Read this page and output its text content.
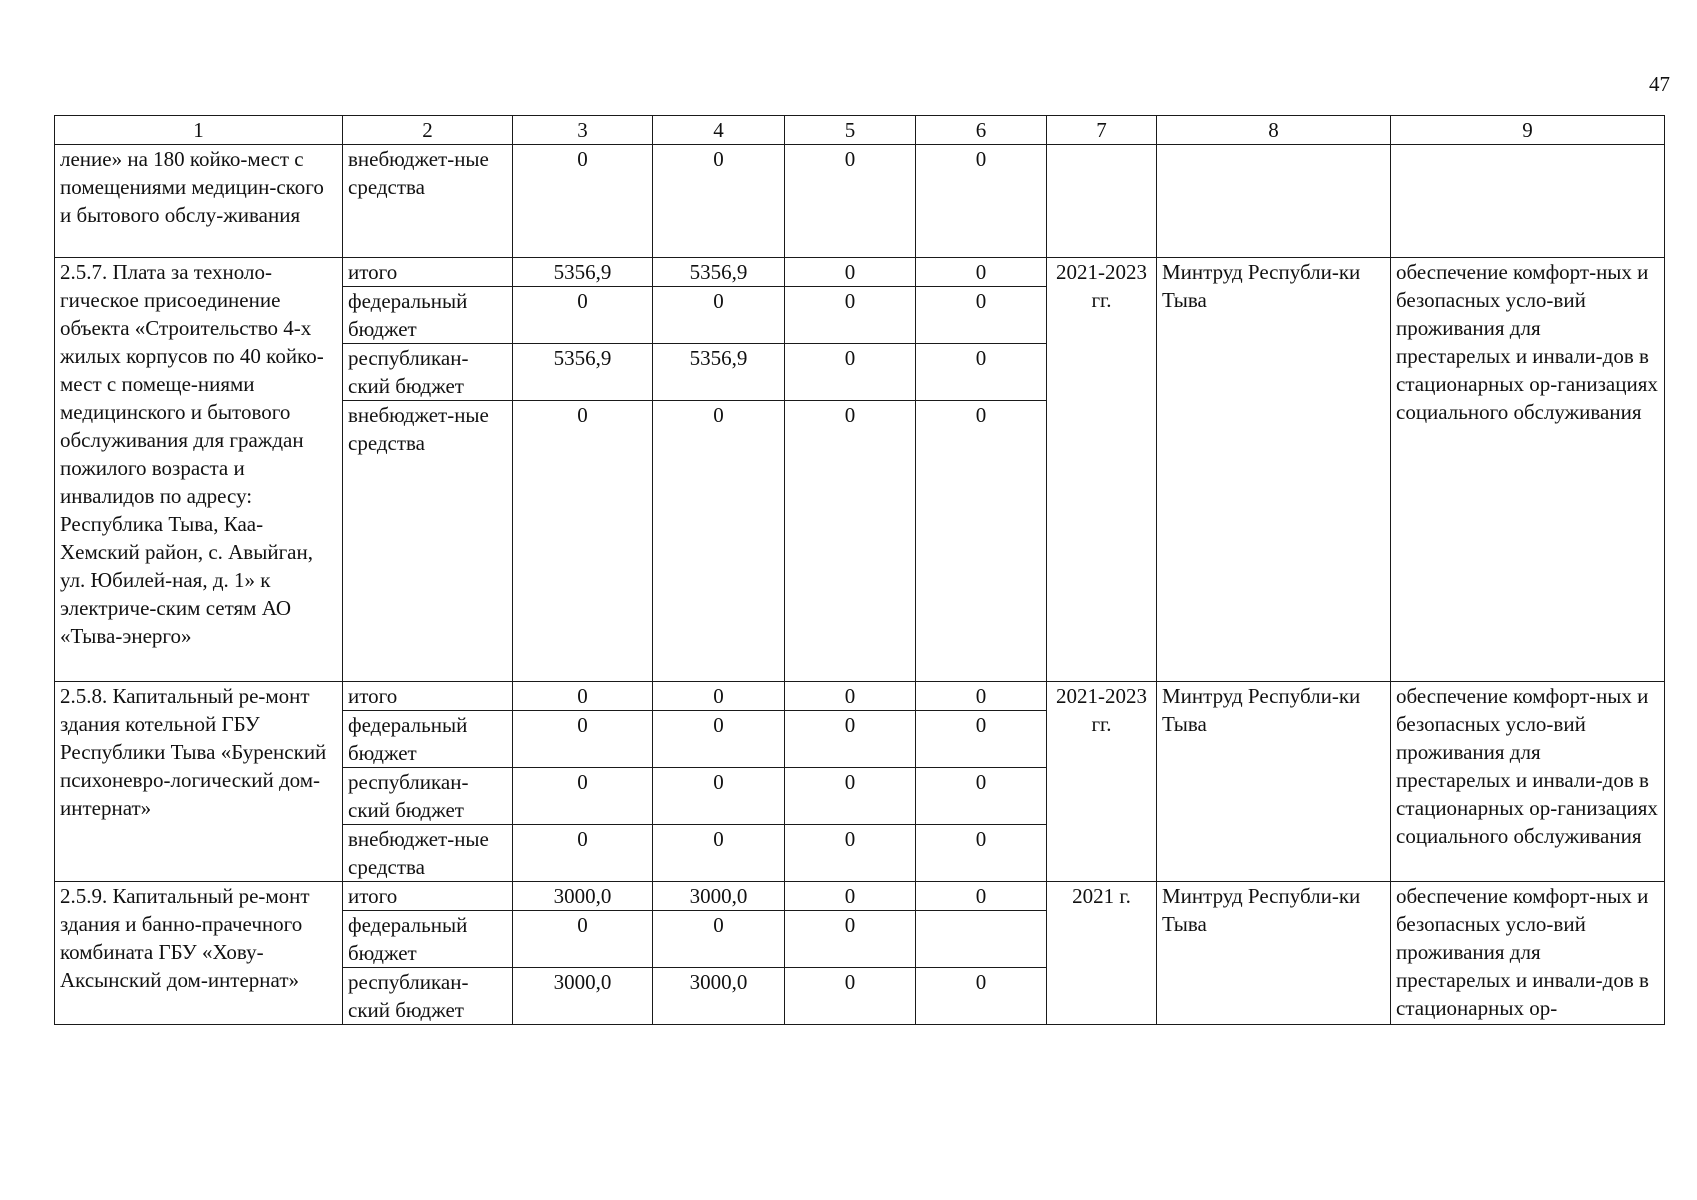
47
1	2	3	4	5	6	7	8	9
ление» на 180 койко-мест с помещениями медицин-ского и бытового обслу-живания	внебюджет-ные средства	0	0	0	0			
2.5.7. Плата за техноло-гическое присоединение объекта «Строительство 4-х жилых корпусов по 40 койко-мест с помеще-ниями медицинского и бытового обслуживания для граждан пожилого возраста и инвалидов по адресу: Республика Тыва, Каа-Хемский район, с. Авыйган, ул. Юбилей-ная, д. 1» к электриче-ским сетям АО «Тыва-энерго»	итого	5356,9	5356,9	0	0	2021-2023 гг.	Минтруд Республи-ки Тыва	обеспечение комфорт-ных и безопасных усло-вий проживания для престарелых и инвали-дов в стационарных ор-ганизациях социального обслуживания
	федеральный бюджет	0	0	0	0			
	республикан-ский бюджет	5356,9	5356,9	0	0			
	внебюджет-ные средства	0	0	0	0			
2.5.8. Капитальный ре-монт здания котельной ГБУ Республики Тыва «Буренский психоневро-логический дом-интернат»	итого	0	0	0	0	2021-2023 гг.	Минтруд Республи-ки Тыва	обеспечение комфорт-ных и безопасных усло-вий проживания для престарелых и инвали-дов в стационарных ор-ганизациях социального обслуживания
	федеральный бюджет	0	0	0	0			
	республикан-ский бюджет	0	0	0	0			
	внебюджет-ные средства	0	0	0	0			
2.5.9. Капитальный ре-монт здания и банно-прачечного комбината ГБУ «Хову-Аксынский дом-интернат»	итого	3000,0	3000,0	0	0	2021 г.	Минтруд Республи-ки Тыва	обеспечение комфорт-ных и безопасных усло-вий проживания для престарелых и инвали-дов в стационарных ор-
	федеральный бюджет	0	0	0				
	республикан-ский бюджет	3000,0	3000,0	0	0			
